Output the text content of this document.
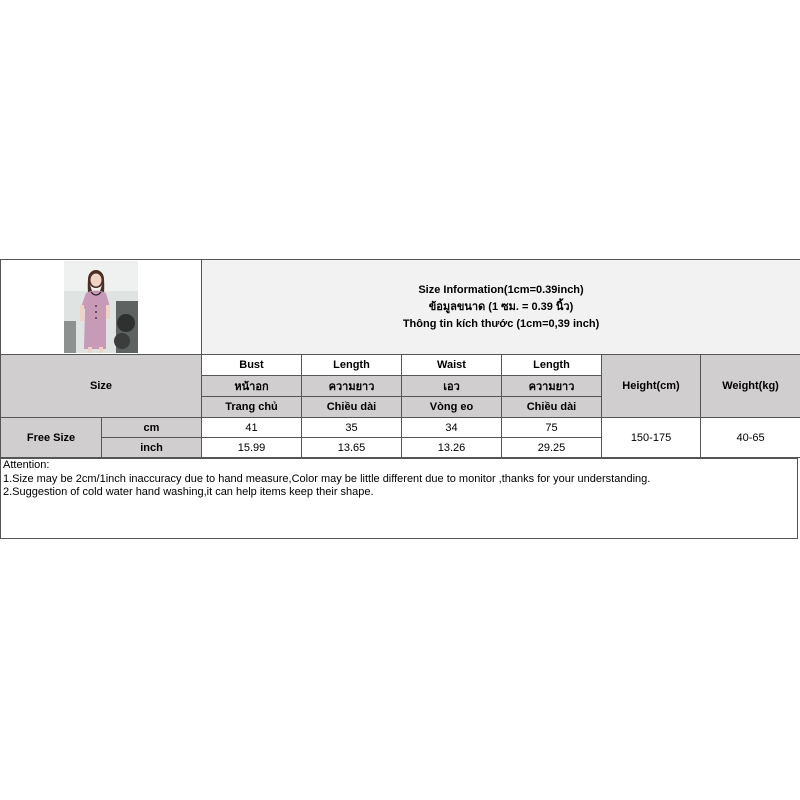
Size Information(1cm=0.39inch)
ข้อมูลขนาด (1 ซม. = 0.39 นิ้ว)
Thông tin kích thước (1cm=0,39 inch)					

Size		Bust	Length	Waist	Length	Height(cm)	Weight(kg)
		หน้าอก	ความยาว	เอว	ความยาว		
		Trang chủ	Chiều dài	Vòng eo	Chiều dài		
Free Size	cm	41	35	34	75	150-175	40-65
	inch	15.99	13.65	13.26	29.25		
Attention:
1.Size may be 2cm/1inch inaccuracy due to hand measure,Color may be little different due to monitor ,thanks for your understanding.
2.Suggestion of cold water hand washing,it can help items keep their shape.
